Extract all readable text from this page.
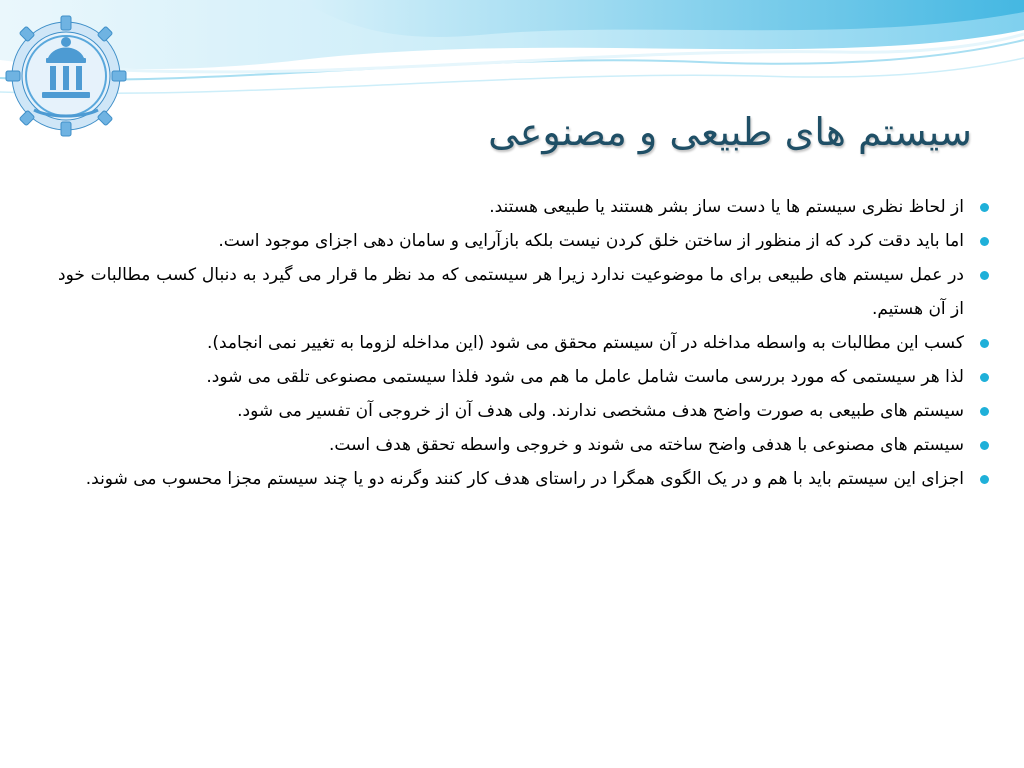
سیستم های طبیعی و مصنوعی
از لحاظ نظری سیستم ها یا دست ساز بشر هستند یا طبیعی هستند.
اما باید دقت کرد که از منظور از ساختن خلق کردن نیست بلکه بازآرایی و سامان دهی اجزای موجود است.
در عمل سیستم های طبیعی برای ما موضوعیت ندارد زیرا هر سیستمی که مد نظر ما قرار می گیرد به دنبال کسب مطالبات خود از آن هستیم.
کسب این مطالبات به واسطه مداخله در آن سیستم محقق می شود (این مداخله لزوما به تغییر نمی انجامد).
لذا هر سیستمی که مورد بررسی ماست شامل عامل ما هم می شود فلذا سیستمی مصنوعی تلقی می شود.
سیستم های طبیعی به صورت واضح هدف مشخصی ندارند. ولی هدف آن از خروجی آن تفسیر می شود.
سیستم های مصنوعی با هدفی واضح ساخته می شوند و خروجی واسطه تحقق هدف است.
اجزای این سیستم باید با هم و در یک الگوی همگرا در راستای هدف کار کنند وگرنه دو یا چند سیستم مجزا محسوب می شوند.
